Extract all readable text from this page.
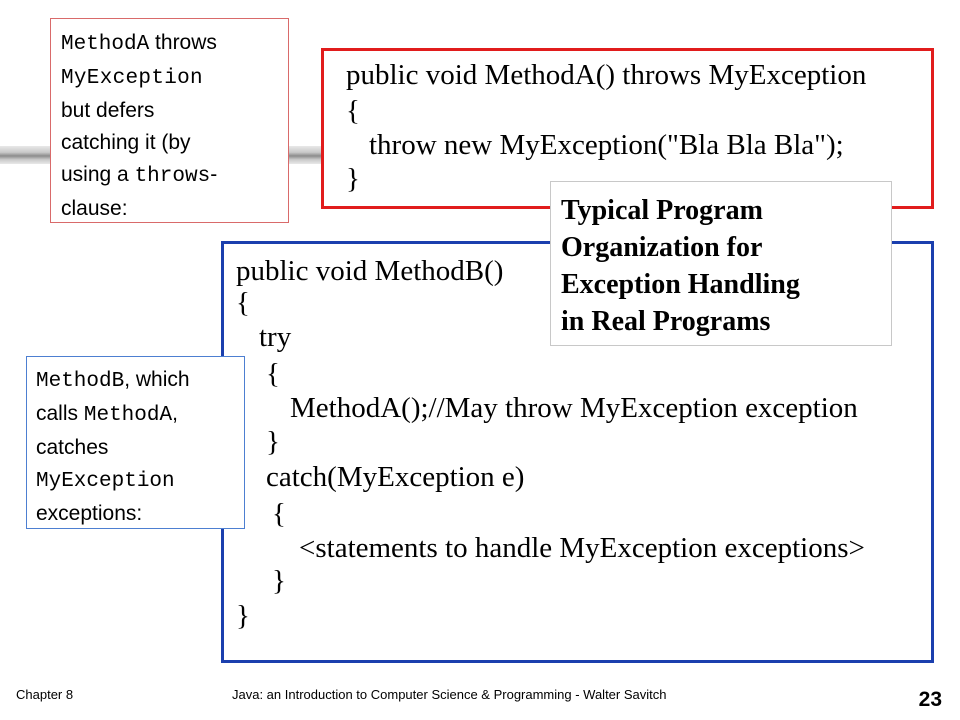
public void MethodA() throws MyException
{
throw new MyException("Bla Bla Bla");
}
public void MethodB()
{
try
{
MethodA();//May throw MyException exception
}
catch(MyException e)
{
<statements to handle MyException exceptions>
}
}
MethodA throws
MyException
but defers
catching it (by
using a throws-
clause:	Typical Program
Organization for
Exception Handling
in Real Programs
MethodB, which
calls MethodA,
catches
MyException
exceptions:
Chapter 8	Java: an Introduction to Computer Science & Programming - Walter Savitch	23
